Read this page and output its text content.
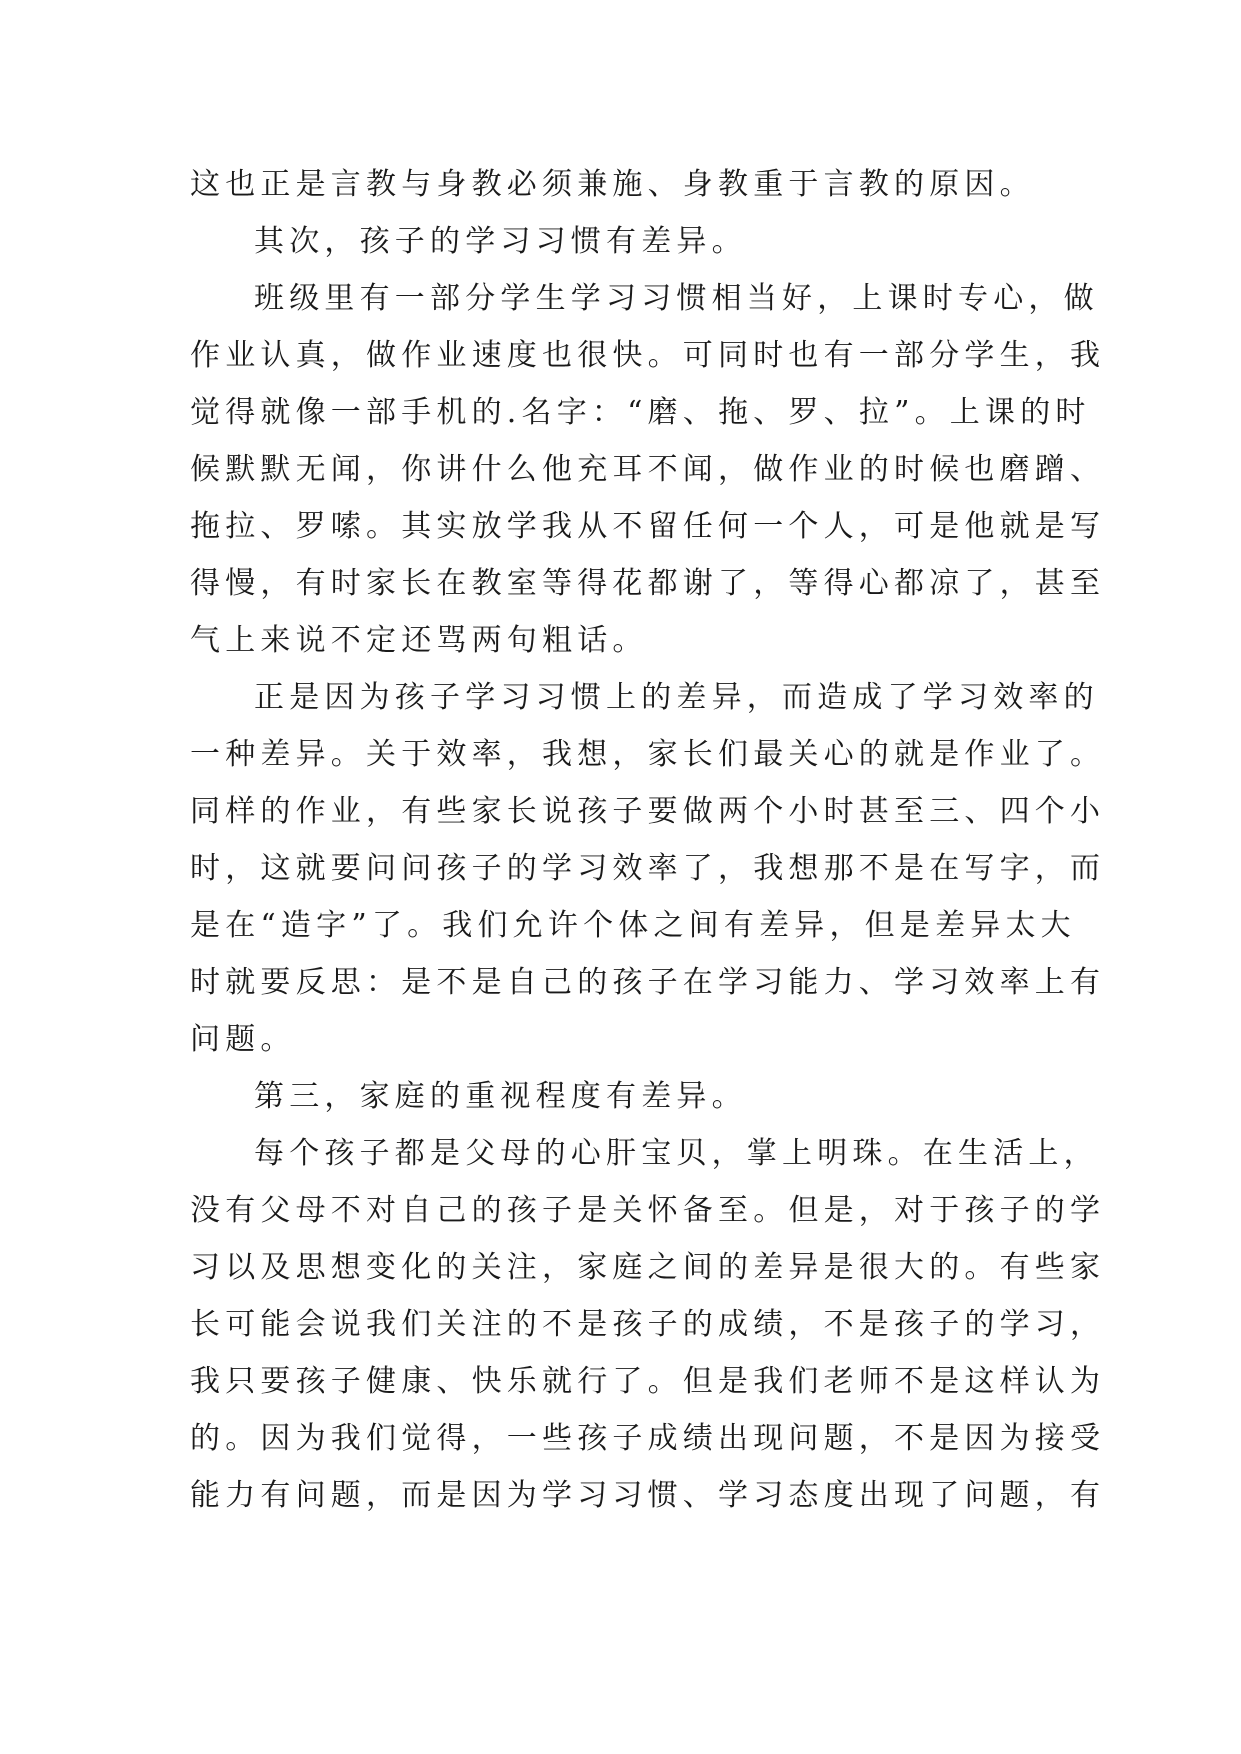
这也正是言教与身教必须兼施、身教重于言教的原因。
其次，孩子的学习习惯有差异。
班级里有一部分学生学习习惯相当好，上课时专心，做
作业认真，做作业速度也很快。可同时也有一部分学生，我
觉得就像一部手机的.名字：“磨、拖、罗、拉”。上课的时
候默默无闻，你讲什么他充耳不闻，做作业的时候也磨蹭、
拖拉、罗嗦。其实放学我从不留任何一个人，可是他就是写
得慢，有时家长在教室等得花都谢了，等得心都凉了，甚至
气上来说不定还骂两句粗话。
正是因为孩子学习习惯上的差异，而造成了学习效率的
一种差异。关于效率，我想，家长们最关心的就是作业了。
同样的作业，有些家长说孩子要做两个小时甚至三、四个小
时，这就要问问孩子的学习效率了，我想那不是在写字，而
是在“造字”了。我们允许个体之间有差异，但是差异太大
时就要反思：是不是自己的孩子在学习能力、学习效率上有
问题。
第三，家庭的重视程度有差异。
每个孩子都是父母的心肝宝贝，掌上明珠。在生活上，
没有父母不对自己的孩子是关怀备至。但是，对于孩子的学
习以及思想变化的关注，家庭之间的差异是很大的。有些家
长可能会说我们关注的不是孩子的成绩，不是孩子的学习，
我只要孩子健康、快乐就行了。但是我们老师不是这样认为
的。因为我们觉得，一些孩子成绩出现问题，不是因为接受
能力有问题，而是因为学习习惯、学习态度出现了问题，有
